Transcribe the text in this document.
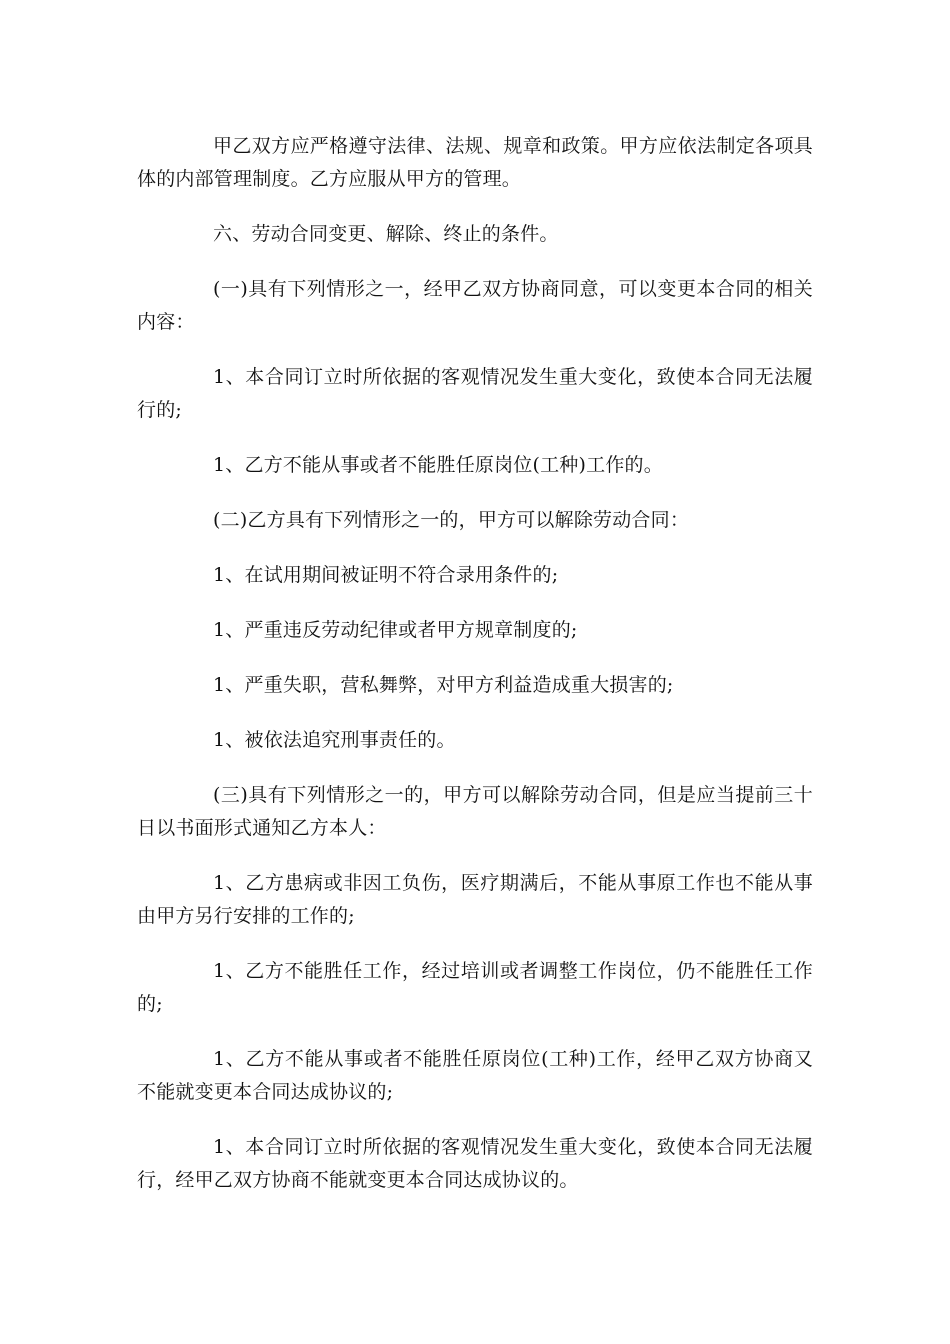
甲乙双方应严格遵守法律、法规、规章和政策。甲方应依法制定各项具体的内部管理制度。乙方应服从甲方的管理。

六、劳动合同变更、解除、终止的条件。

(一)具有下列情形之一，经甲乙双方协商同意，可以变更本合同的相关内容：

1、本合同订立时所依据的客观情况发生重大变化，致使本合同无法履行的;

1、乙方不能从事或者不能胜任原岗位(工种)工作的。

(二)乙方具有下列情形之一的，甲方可以解除劳动合同：

1、在试用期间被证明不符合录用条件的;

1、严重违反劳动纪律或者甲方规章制度的;

1、严重失职，营私舞弊，对甲方利益造成重大损害的;

1、被依法追究刑事责任的。

(三)具有下列情形之一的，甲方可以解除劳动合同，但是应当提前三十日以书面形式通知乙方本人：

1、乙方患病或非因工负伤，医疗期满后，不能从事原工作也不能从事由甲方另行安排的工作的;

1、乙方不能胜任工作，经过培训或者调整工作岗位，仍不能胜任工作的;

1、乙方不能从事或者不能胜任原岗位(工种)工作，经甲乙双方协商又不能就变更本合同达成协议的;

1、本合同订立时所依据的客观情况发生重大变化，致使本合同无法履行，经甲乙双方协商不能就变更本合同达成协议的。
